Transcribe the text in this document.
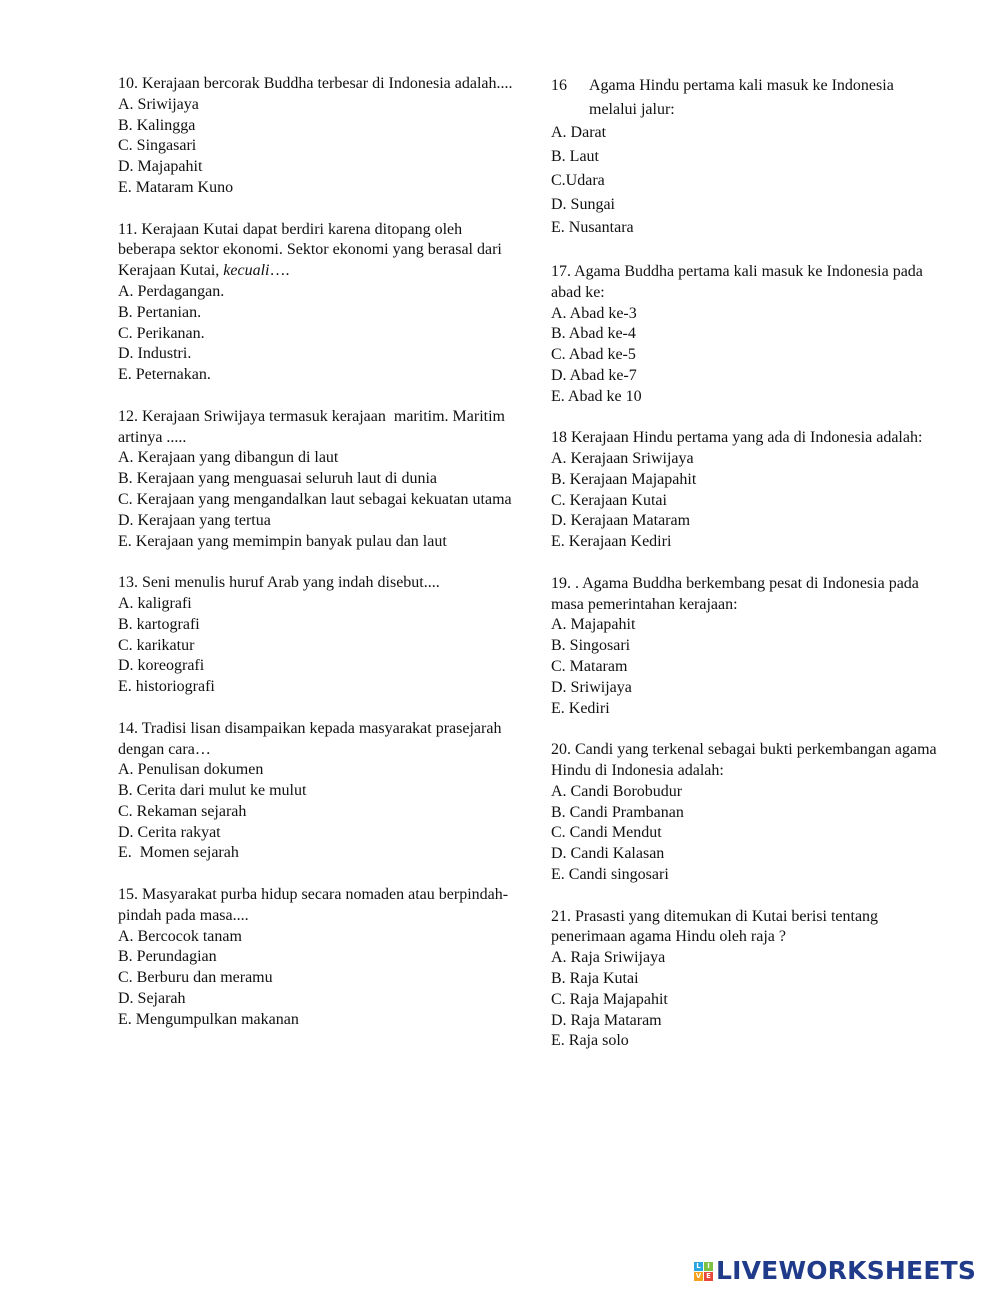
10. Kerajaan bercorak Buddha terbesar di Indonesia adalah....
A. Sriwijaya
B. Kalingga
C. Singasari
D. Majapahit
E. Mataram Kuno
11. Kerajaan Kutai dapat berdiri karena ditopang oleh beberapa sektor ekonomi. Sektor ekonomi yang berasal dari Kerajaan Kutai, kecuali….
A. Perdagangan.
B. Pertanian.
C. Perikanan.
D. Industri.
E. Peternakan.
12. Kerajaan Sriwijaya termasuk kerajaan  maritim. Maritim artinya .....
A. Kerajaan yang dibangun di laut
B. Kerajaan yang menguasai seluruh laut di dunia
C. Kerajaan yang mengandalkan laut sebagai kekuatan utama
D. Kerajaan yang tertua
E. Kerajaan yang memimpin banyak pulau dan laut
13. Seni menulis huruf Arab yang indah disebut....
A. kaligrafi
B. kartografi
C. karikatur
D. koreografi
E. historiografi
14. Tradisi lisan disampaikan kepada masyarakat prasejarah dengan cara…
A. Penulisan dokumen
B. Cerita dari mulut ke mulut
C. Rekaman sejarah
D. Cerita rakyat
E.  Momen sejarah
15. Masyarakat purba hidup secara nomaden atau berpindah-pindah pada masa....
A. Bercocok tanam
B. Perundagian
C. Berburu dan meramu
D. Sejarah
E. Mengumpulkan makanan
16 Agama Hindu pertama kali masuk ke Indonesia melalui jalur:
A. Darat
B. Laut
C.Udara
D. Sungai
E. Nusantara
17. Agama Buddha pertama kali masuk ke Indonesia pada abad ke:
A. Abad ke-3
B. Abad ke-4
C. Abad ke-5
D. Abad ke-7
E. Abad ke 10
18 Kerajaan Hindu pertama yang ada di Indonesia adalah:
A. Kerajaan Sriwijaya
B. Kerajaan Majapahit
C. Kerajaan Kutai
D. Kerajaan Mataram
E. Kerajaan Kediri
19. . Agama Buddha berkembang pesat di Indonesia pada masa pemerintahan kerajaan:
A. Majapahit
B. Singosari
C. Mataram
D. Sriwijaya
E. Kediri
20. Candi yang terkenal sebagai bukti perkembangan agama Hindu di Indonesia adalah:
A. Candi Borobudur
B. Candi Prambanan
C. Candi Mendut
D. Candi Kalasan
E. Candi singosari
21. Prasasti yang ditemukan di Kutai berisi tentang penerimaan agama Hindu oleh raja ?
A. Raja Sriwijaya
B. Raja Kutai
C. Raja Majapahit
D. Raja Mataram
E. Raja solo
L I
V E LIVEWORKSHEETS
